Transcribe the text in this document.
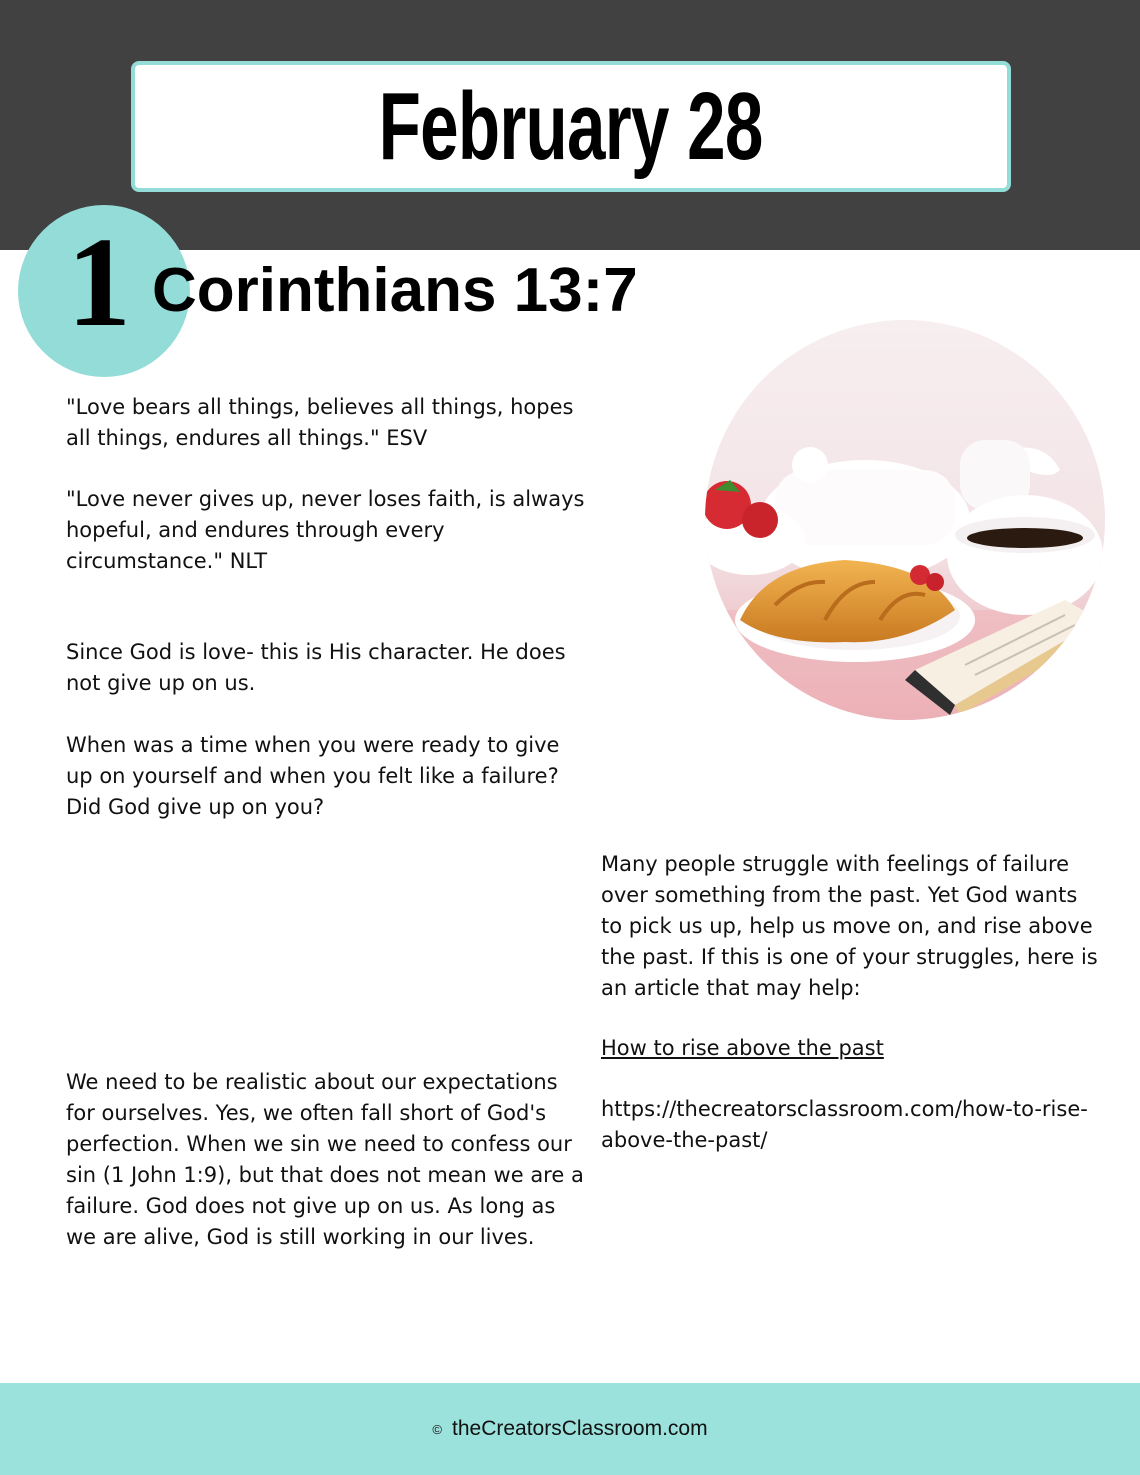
February 28
1 Corinthians 13:7

"Love bears all things, believes all things, hopes
all things, endures all things." ESV

"Love never gives up, never loses faith, is always
hopeful, and endures through every
circumstance." NLT

Since God is love- this is His character. He does
not give up on us.

When was a time when you were ready to give
up on yourself and when you felt like a failure?
Did God give up on you?

We need to be realistic about our expectations
for ourselves. Yes, we often fall short of God's
perfection. When we sin we need to confess our
sin (1 John 1:9), but that does not mean we are a
failure. God does not give up on us. As long as
we are alive, God is still working in our lives.

Many people struggle with feelings of failure
over something from the past. Yet God wants
to pick us up, help us move on, and rise above
the past. If this is one of your struggles, here is
an article that may help:

How to rise above the past

https://thecreatorsclassroom.com/how-to-rise-
above-the-past/

© theCreatorsClassroom.com
